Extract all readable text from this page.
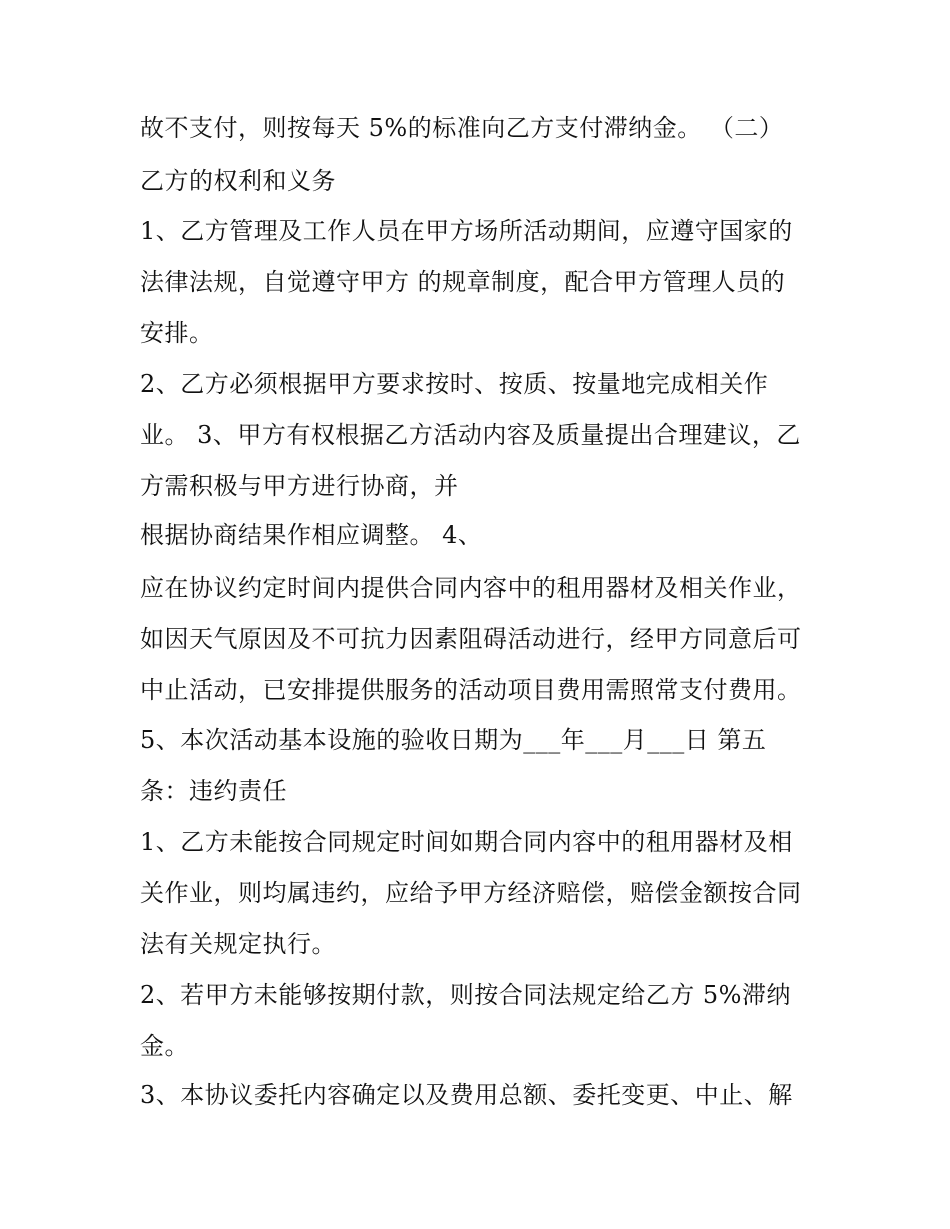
故不支付，则按每天 5%的标准向乙方支付滞纳金。 （二）
乙方的权利和义务
1、乙方管理及工作人员在甲方场所活动期间，应遵守国家的
法律法规，自觉遵守甲方 的规章制度，配合甲方管理人员的
安排。
2、乙方必须根据甲方要求按时、按质、按量地完成相关作
业。 3、甲方有权根据乙方活动内容及质量提出合理建议，乙
方需积极与甲方进行协商，并
根据协商结果作相应调整。 4、
应在协议约定时间内提供合同内容中的租用器材及相关作业，
如因天气原因及不可抗力因素阻碍活动进行，经甲方同意后可
中止活动，已安排提供服务的活动项目费用需照常支付费用。
5、本次活动基本设施的验收日期为___年___月___日 第五
条：违约责任
1、乙方未能按合同规定时间如期合同内容中的租用器材及相
关作业，则均属违约，应给予甲方经济赔偿，赔偿金额按合同
法有关规定执行。
2、若甲方未能够按期付款，则按合同法规定给乙方 5%滞纳
金。
3、本协议委托内容确定以及费用总额、委托变更、中止、解
